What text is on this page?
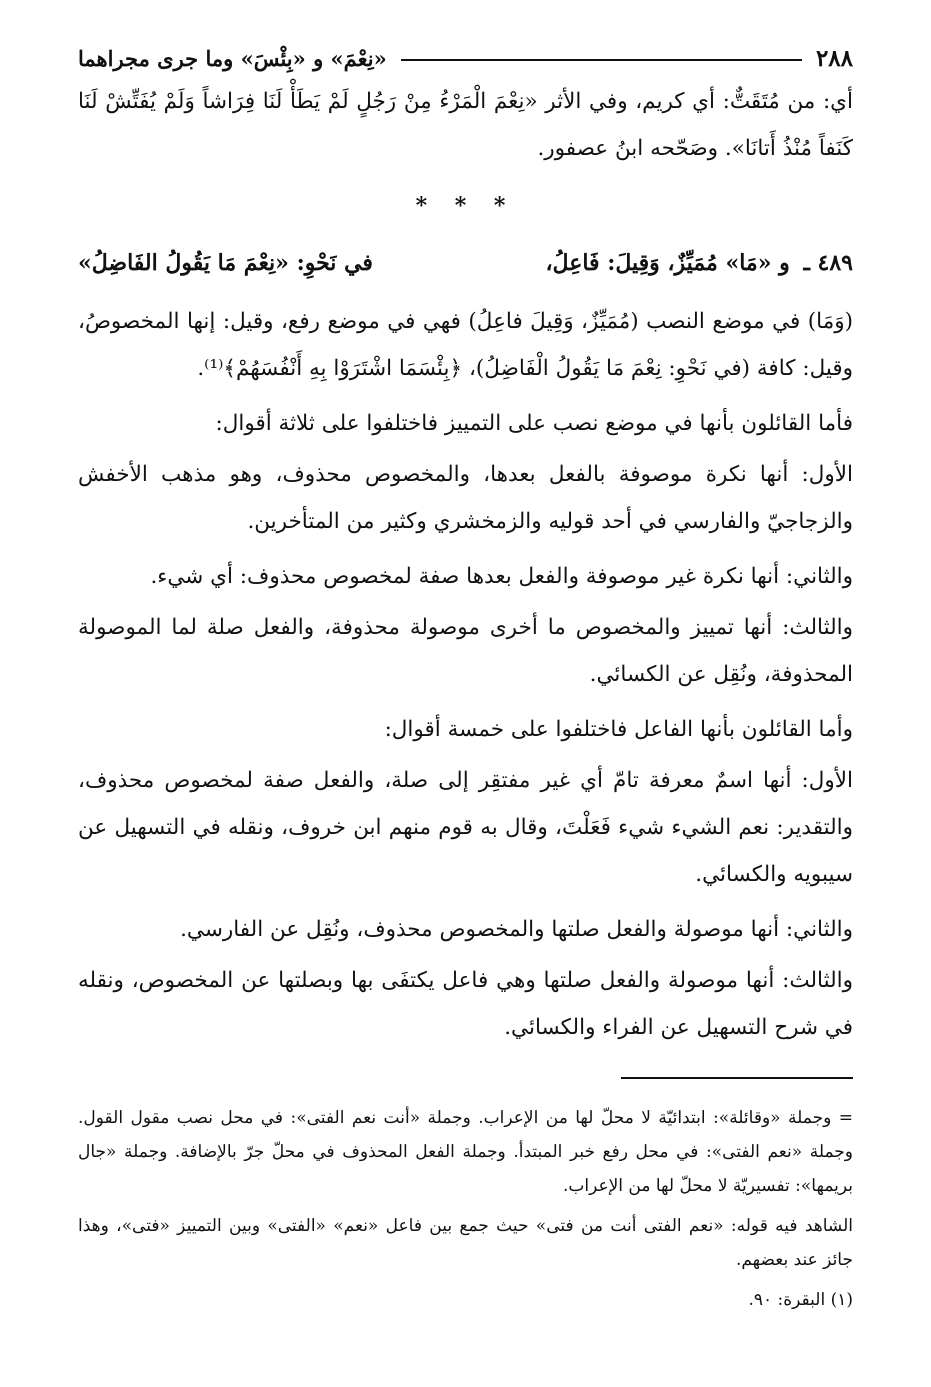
٢٨٨
«نِعْمَ» و «بِئْسَ» وما جرى مجراهما

أي: من مُتَقَتٌّ: أي كريم، وفي الأثر «نِعْمَ الْمَرْءُ مِنْ رَجُلٍ لَمْ يَطَأْ لَنَا فِرَاشاً وَلَمْ يُفَتِّشْ لَنَا كَنَفاً مُنْذُ أَتانَا». وصَحّحه ابنُ عصفور.

* * *
٤٨٩ ـ و «مَا» مُمَيِّزٌ، وَقِيلَ: فَاعِلُ،
في نَحْوِ: «نِعْمَ مَا يَقُولُ الفَاضِلُ»

(وَمَا) في موضع النصب (مُمَيِّزٌ، وَقِيلَ فاعِلُ) فهي في موضع رفع، وقيل: إنها المخصوصُ، وقيل: كافة (في نَحْوِ: نِعْمَ مَا يَقُولُ الْفَاضِلُ)، ﴿بِئْسَمَا اشْتَرَوْا بِهِ أَنْفُسَهُمْ﴾⁽¹⁾.

فأما القائلون بأنها في موضع نصب على التمييز فاختلفوا على ثلاثة أقوال:

الأول: أنها نكرة موصوفة بالفعل بعدها، والمخصوص محذوف، وهو مذهب الأخفش والزجاجيّ والفارسي في أحد قوليه والزمخشري وكثير من المتأخرين.

والثاني: أنها نكرة غير موصوفة والفعل بعدها صفة لمخصوص محذوف: أي شيء.

والثالث: أنها تمييز والمخصوص ما أخرى موصولة محذوفة، والفعل صلة لما الموصولة المحذوفة، ونُقِل عن الكسائي.

وأما القائلون بأنها الفاعل فاختلفوا على خمسة أقوال:

الأول: أنها اسمٌ معرفة تامّ أي غير مفتقِر إلى صلة، والفعل صفة لمخصوص محذوف، والتقدير: نعم الشيء شيء فَعَلْتَ، وقال به قوم منهم ابن خروف، ونقله في التسهيل عن سيبويه والكسائي.

والثاني: أنها موصولة والفعل صلتها والمخصوص محذوف، ونُقِل عن الفارسي.

والثالث: أنها موصولة والفعل صلتها وهي فاعل يكتفَى بها وبصلتها عن المخصوص، ونقله في شرح التسهيل عن الفراء والكسائي.

= وجملة «وقائلة»: ابتدائيّة لا محلّ لها من الإعراب. وجملة «أنت نعم الفتى»: في محل نصب مقول القول. وجملة «نعم الفتى»: في محل رفع خبر المبتدأ. وجملة الفعل المحذوف في محلّ جرّ بالإضافة. وجملة «جال بريمها»: تفسيريّة لا محلّ لها من الإعراب.

الشاهد فيه قوله: «نعم الفتى أنت من فتى» حيث جمع بين فاعل «نعم» «الفتى» وبين التمييز «فتى»، وهذا جائز عند بعضهم.

(١) البقرة: ٩٠.
